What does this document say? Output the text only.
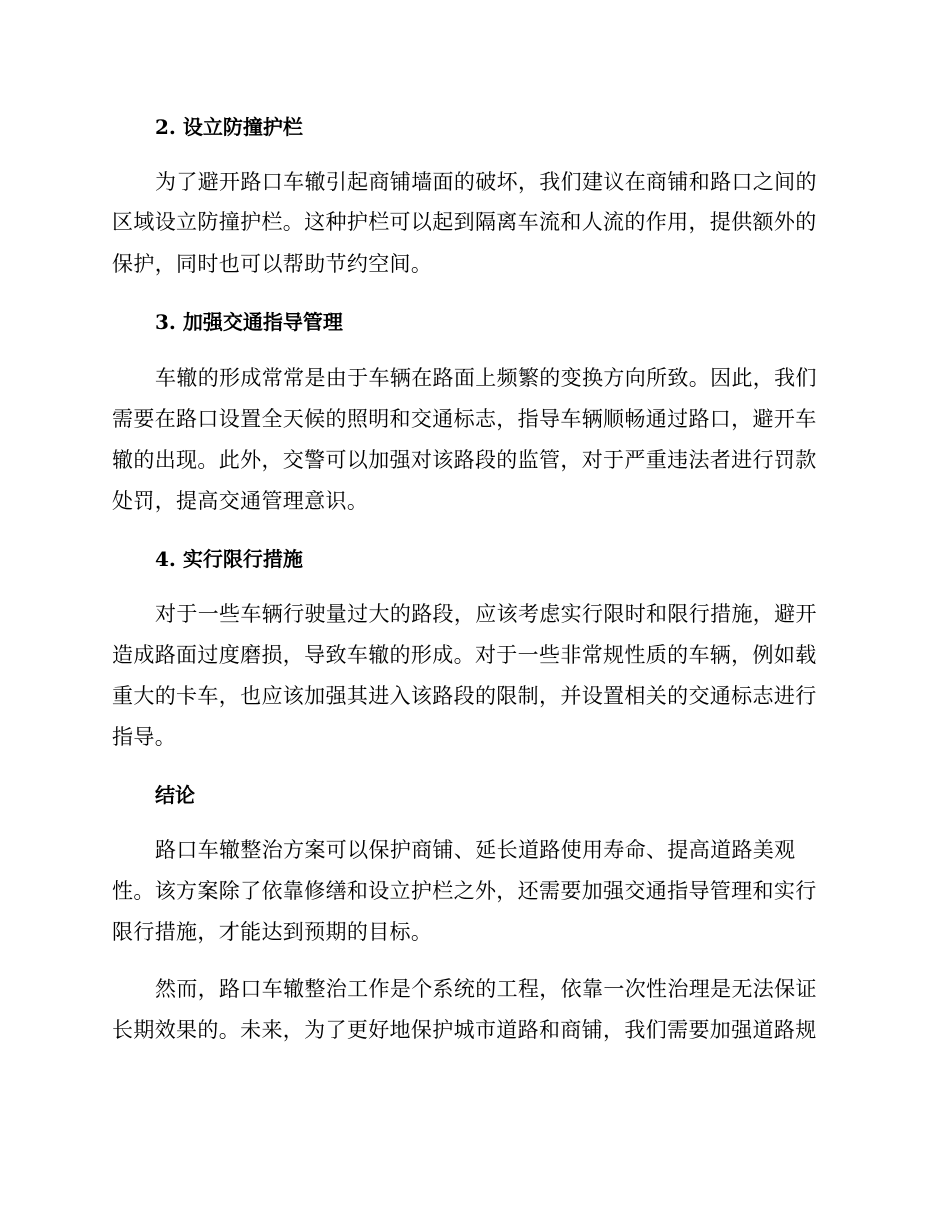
2. 设立防撞护栏
为了避开路口车辙引起商铺墙面的破坏，我们建议在商铺和路口之间的
区域设立防撞护栏。这种护栏可以起到隔离车流和人流的作用，提供额外的
保护，同时也可以帮助节约空间。
3. 加强交通指导管理
车辙的形成常常是由于车辆在路面上频繁的变换方向所致。因此，我们
需要在路口设置全天候的照明和交通标志，指导车辆顺畅通过路口，避开车
辙的出现。此外，交警可以加强对该路段的监管，对于严重违法者进行罚款
处罚，提高交通管理意识。
4. 实行限行措施
对于一些车辆行驶量过大的路段，应该考虑实行限时和限行措施，避开
造成路面过度磨损，导致车辙的形成。对于一些非常规性质的车辆，例如载
重大的卡车，也应该加强其进入该路段的限制，并设置相关的交通标志进行
指导。
结论
路口车辙整治方案可以保护商铺、延长道路使用寿命、提高道路美观
性。该方案除了依靠修缮和设立护栏之外，还需要加强交通指导管理和实行
限行措施，才能达到预期的目标。
然而，路口车辙整治工作是个系统的工程，依靠一次性治理是无法保证
长期效果的。未来，为了更好地保护城市道路和商铺，我们需要加强道路规
